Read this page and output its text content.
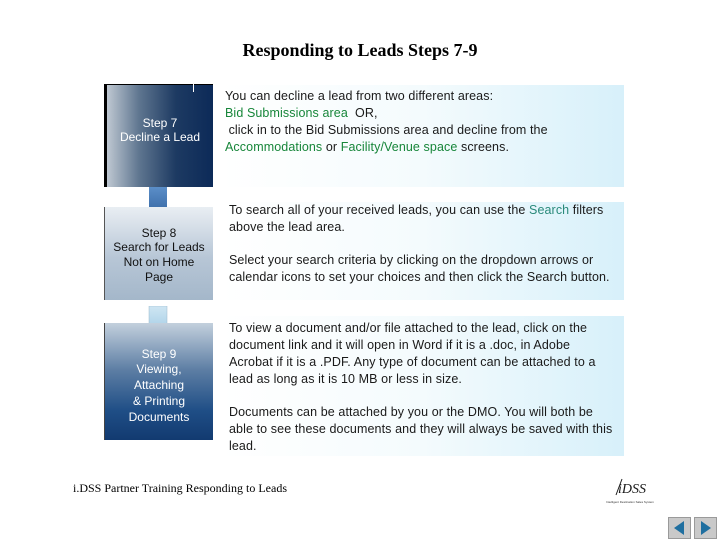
Responding to Leads Steps 7-9
Step 7
Decline a Lead
Step 8
Search for Leads
Not on Home
Page
Step 9
Viewing,
Attaching
& Printing
Documents
You can decline a lead from two different areas:
Bid Submissions area  OR,
click in to the Bid Submissions area and decline from the
Accommodations or Facility/Venue space screens.
To search all of your received leads, you can use the Search filters above the lead area.
Select your search criteria by clicking on the dropdown arrows or calendar icons to set your choices and then click the Search button.
To view a document and/or file attached to the lead, click on the document link and it will open in Word if it is a .doc, in Adobe Acrobat if it is a .PDF. Any type of document can be attached to a lead as long as it is 10 MB or less in size.
Documents can be attached by you or the DMO. You will both be able to see these documents and they will always be saved with this lead.
i.DSS Partner Training Responding to Leads	iDSS
Intelligent Destination Sales System
